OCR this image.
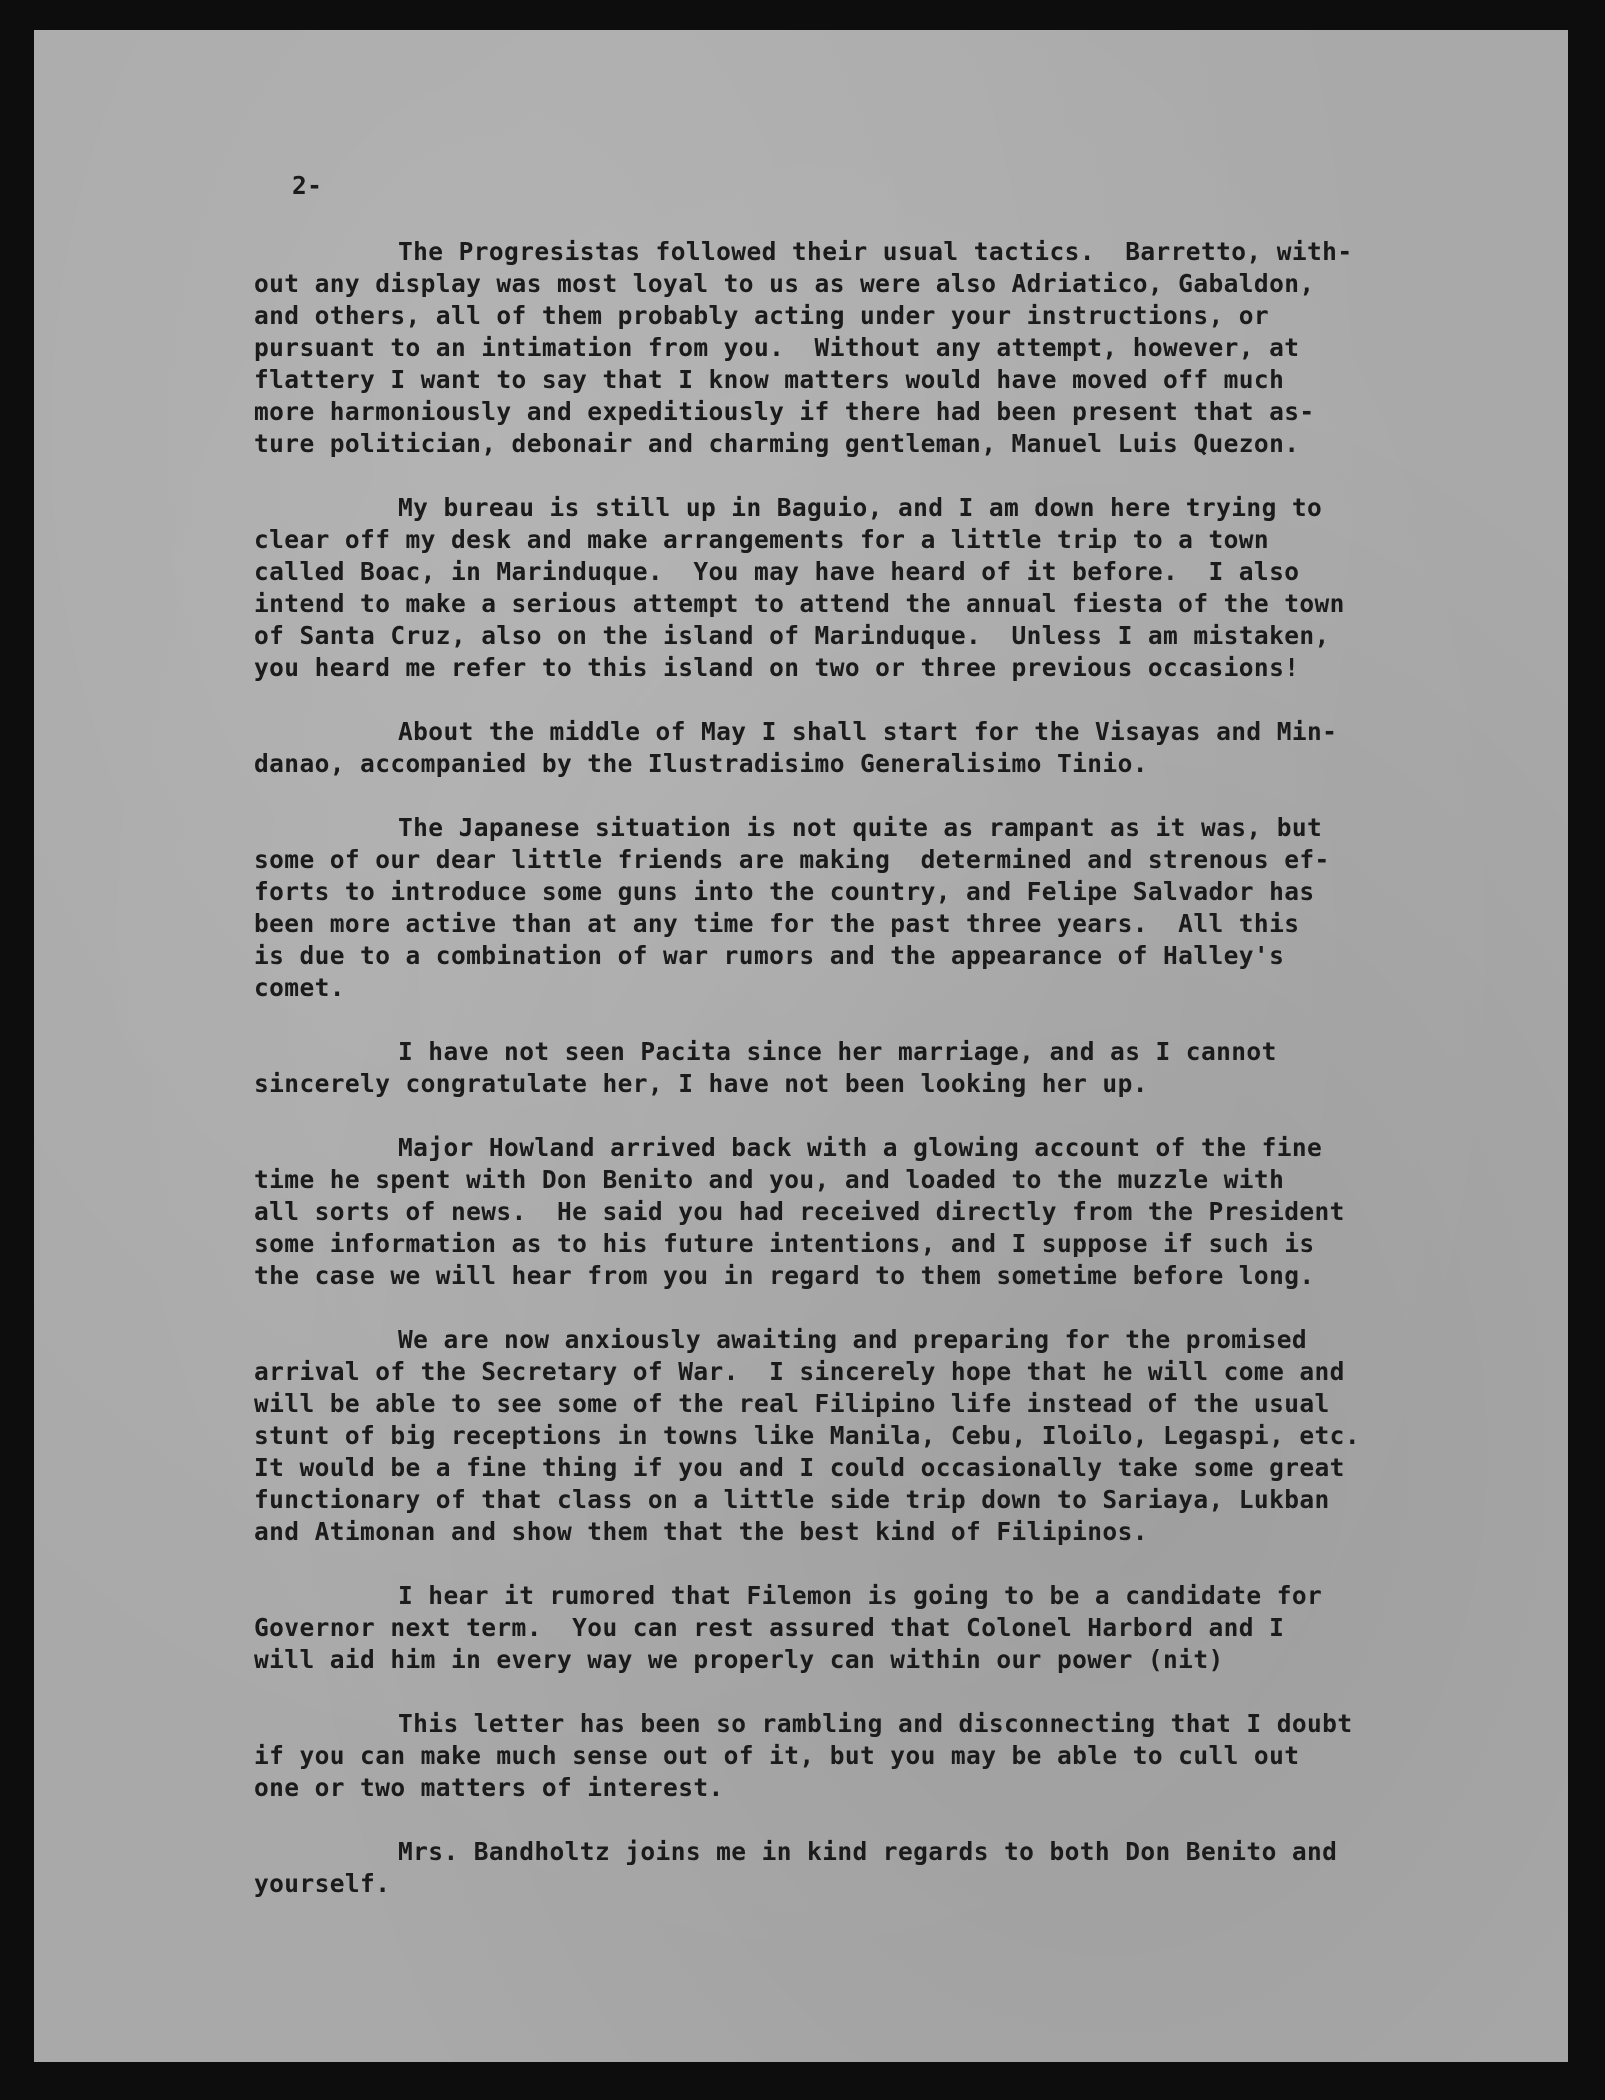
2-
The Progresistas followed their usual tactics.  Barretto, with-
out any display was most loyal to us as were also Adriatico, Gabaldon,
and others, all of them probably acting under your instructions, or
pursuant to an intimation from you.  Without any attempt, however, at
flattery I want to say that I know matters would have moved off much
more harmoniously and expeditiously if there had been present that as-
ture politician, debonair and charming gentleman, Manuel Luis Quezon.
My bureau is still up in Baguio, and I am down here trying to
clear off my desk and make arrangements for a little trip to a town
called Boac, in Marinduque.  You may have heard of it before.  I also
intend to make a serious attempt to attend the annual fiesta of the town
of Santa Cruz, also on the island of Marinduque.  Unless I am mistaken,
you heard me refer to this island on two or three previous occasions!
About the middle of May I shall start for the Visayas and Min-
danao, accompanied by the Ilustradisimo Generalisimo Tinio.
The Japanese situation is not quite as rampant as it was, but
some of our dear little friends are making  determined and strenous ef-
forts to introduce some guns into the country, and Felipe Salvador has
been more active than at any time for the past three years.  All this
is due to a combination of war rumors and the appearance of Halley's
comet.
I have not seen Pacita since her marriage, and as I cannot
sincerely congratulate her, I have not been looking her up.
Major Howland arrived back with a glowing account of the fine
time he spent with Don Benito and you, and loaded to the muzzle with
all sorts of news.  He said you had received directly from the President
some information as to his future intentions, and I suppose if such is
the case we will hear from you in regard to them sometime before long.
We are now anxiously awaiting and preparing for the promised
arrival of the Secretary of War.  I sincerely hope that he will come and
will be able to see some of the real Filipino life instead of the usual
stunt of big receptions in towns like Manila, Cebu, Iloilo, Legaspi, etc.
It would be a fine thing if you and I could occasionally take some great
functionary of that class on a little side trip down to Sariaya, Lukban
and Atimonan and show them that the best kind of Filipinos.
I hear it rumored that Filemon is going to be a candidate for
Governor next term.  You can rest assured that Colonel Harbord and I
will aid him in every way we properly can within our power (nit)
This letter has been so rambling and disconnecting that I doubt
if you can make much sense out of it, but you may be able to cull out
one or two matters of interest.
Mrs. Bandholtz joins me in kind regards to both Don Benito and
yourself.
